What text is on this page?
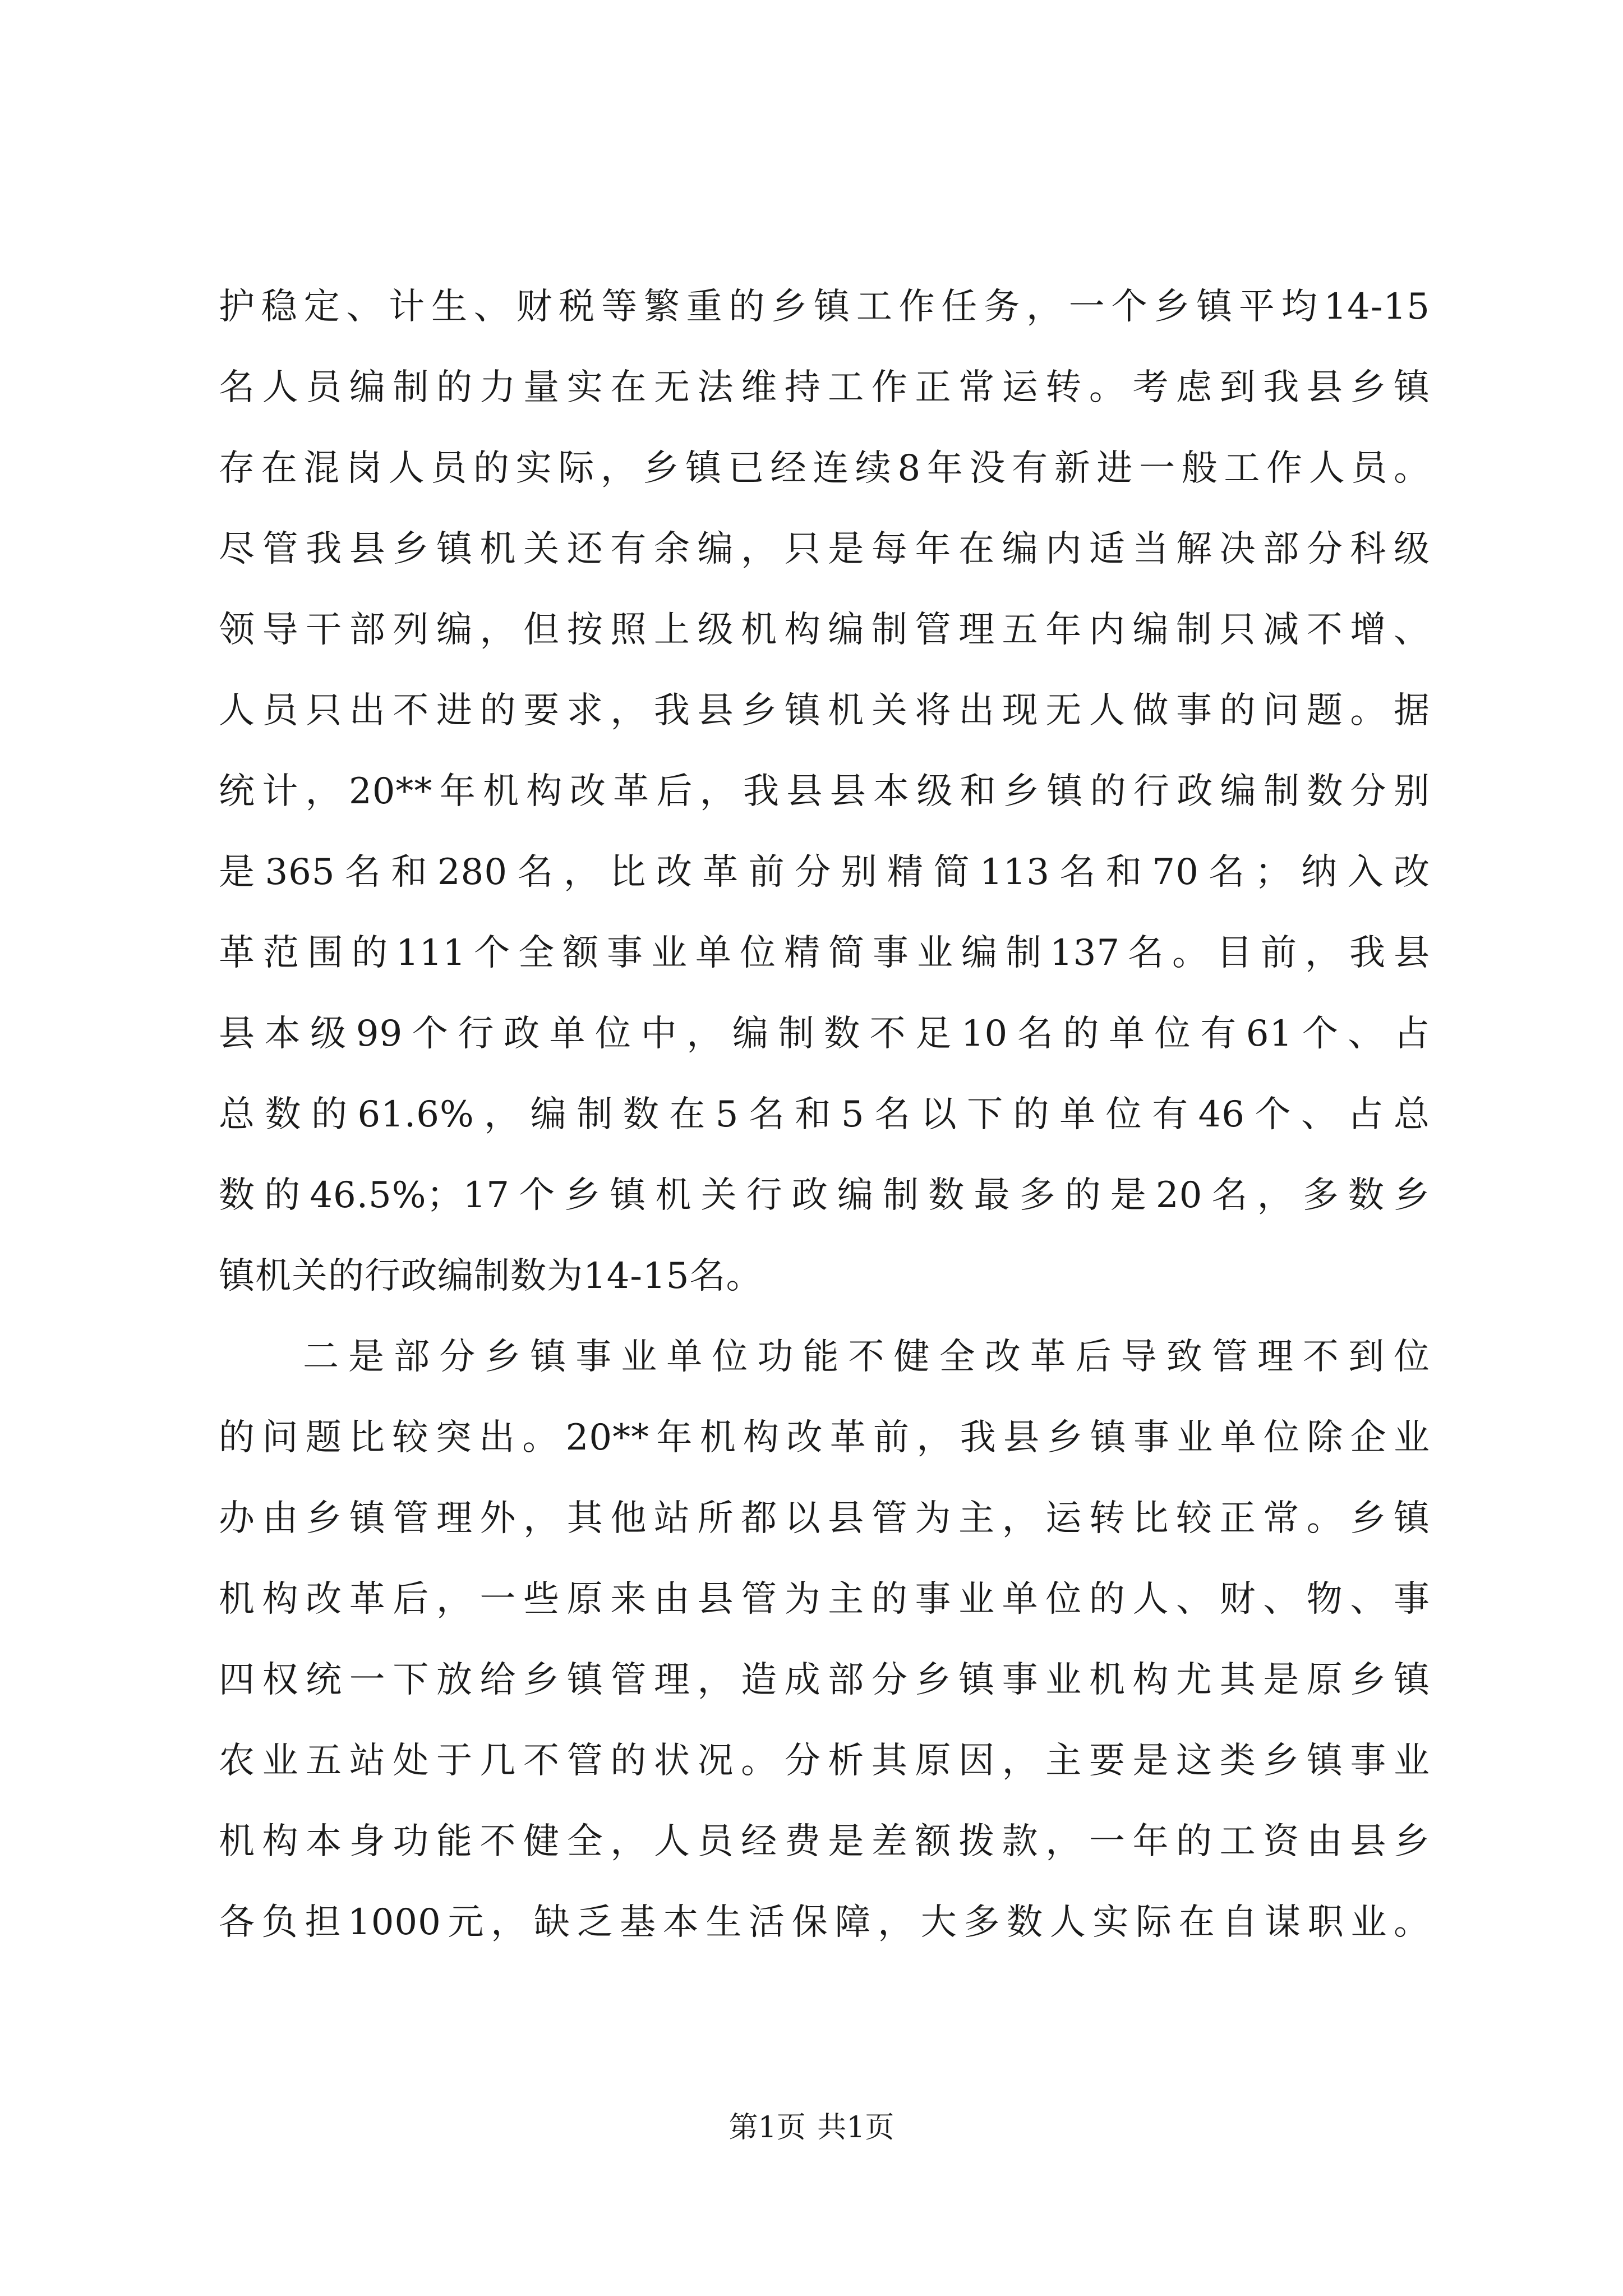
护稳定、计生、财税等繁重的乡镇工作任务，一个乡镇平均14-15
名人员编制的力量实在无法维持工作正常运转。考虑到我县乡镇
存在混岗人员的实际，乡镇已经连续8年没有新进一般工作人员。
尽管我县乡镇机关还有余编，只是每年在编内适当解决部分科级
领导干部列编，但按照上级机构编制管理五年内编制只减不增、
人员只出不进的要求，我县乡镇机关将出现无人做事的问题。据
统计，20**年机构改革后，我县县本级和乡镇的行政编制数分别
是365名和280名，比改革前分别精简113名和70名；纳入改
革范围的111个全额事业单位精简事业编制137名。目前，我县
县本级99个行政单位中，编制数不足10名的单位有61个、占
总数的61.6%，编制数在5名和5名以下的单位有46个、占总
数的46.5%；17个乡镇机关行政编制数最多的是20名，多数乡
镇机关的行政编制数为14-15名。
二是部分乡镇事业单位功能不健全改革后导致管理不到位
的问题比较突出。20**年机构改革前，我县乡镇事业单位除企业
办由乡镇管理外，其他站所都以县管为主，运转比较正常。乡镇
机构改革后，一些原来由县管为主的事业单位的人、财、物、事
四权统一下放给乡镇管理，造成部分乡镇事业机构尤其是原乡镇
农业五站处于几不管的状况。分析其原因，主要是这类乡镇事业
机构本身功能不健全，人员经费是差额拨款，一年的工资由县乡
各负担1000元，缺乏基本生活保障，大多数人实际在自谋职业。
第1页 共1页
